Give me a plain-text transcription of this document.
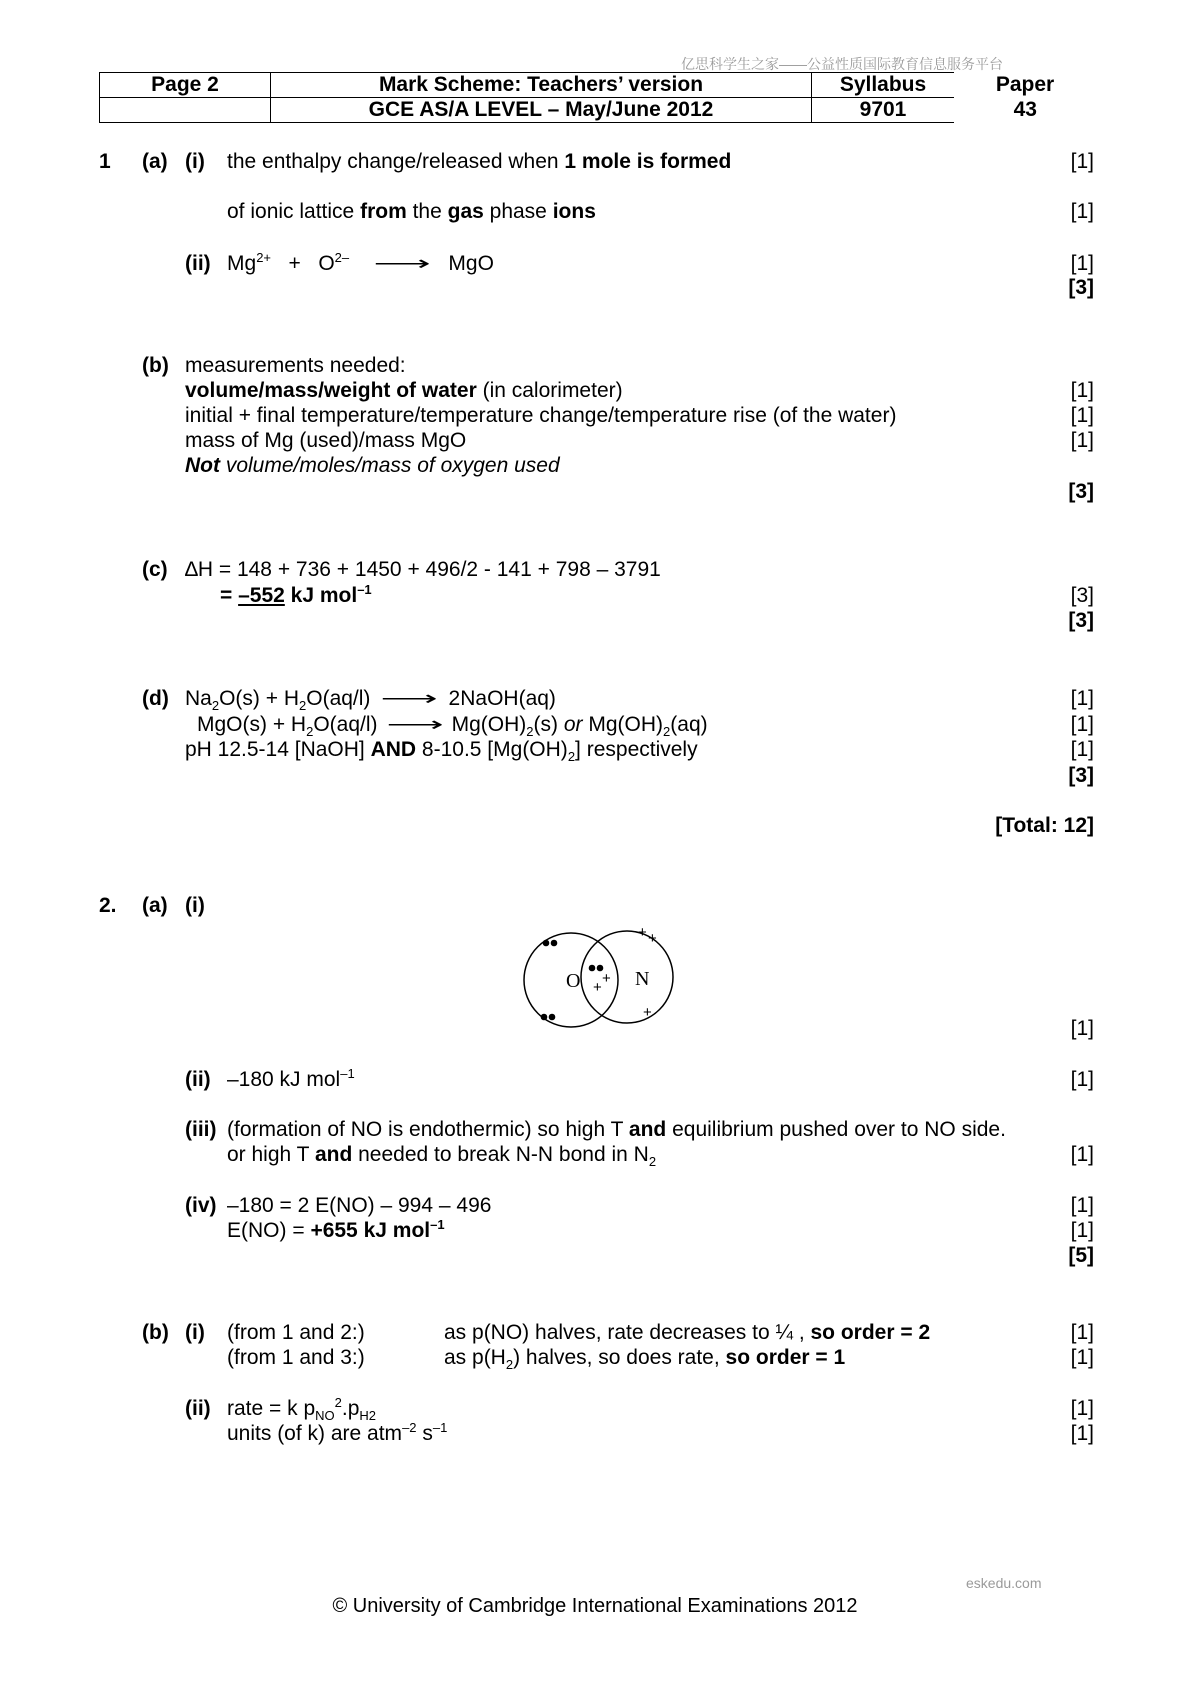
亿思科学生之家——公益性质国际教育信息服务平台
Page 2	Mark Scheme: Teachers’ version	Syllabus	Paper
	GCE AS/A LEVEL – May/June 2012	9701	43
1 (a) (i) the enthalpy change/released when 1 mole is formed	[1]
of ionic lattice from the gas phase ions	[1]
(ii) $Mg^{2+} + O^{2-}$ ⟶ MgO	[1]
[3]
(b) measurements needed:
volume/mass/weight of water (in calorimeter)	[1]
initial + final temperature/temperature change/temperature rise (of the water)	[1]
mass of Mg (used)/mass MgO	[1]
Not volume/moles/mass of oxygen used
[3]
(c) ∆H = 148 + 736 + 1450 + 496/2 - 141 + 798 – 3791
= –552 kJ mol$^{-1}$	[3]
[3]
(d) $Na_2O(s) + H_2O(aq/l)$ ⟶ 2NaOH(aq)	[1]
$MgO(s) + H_2O(aq/l)$ ⟶ $Mg(OH)_2(s)$ or $Mg(OH)_2(aq)$	[1]
pH 12.5-14 [NaOH] AND 8-10.5 $[Mg(OH)_2]$ respectively	[1]
[3]
[Total: 12]
2. (a) (i)
O	N
+ +
+
+
+
[1]
(ii) –180 kJ mol$^{-1}$	[1]
(iii) (formation of NO is endothermic) so high T and equilibrium pushed over to NO side.
or high T and needed to break N-N bond in $N_2$	[1]
(iv) –180 = 2 E(NO) – 994 – 496	[1]
E(NO) = +655 kJ mol$^{-1}$	[1]
[5]
(b) (i) (from 1 and 2:)	as p(NO) halves, rate decreases to ¼ , so order = 2	[1]
(from 1 and 3:)	as $p(H_2)$ halves, so does rate, so order = 1	[1]
(ii) rate = k $p_{NO}^2.p_{H2}$	[1]
units (of k) are atm$^{-2}$ $s^{-1}$	[1]
eskedu.com
© University of Cambridge International Examinations 2012
